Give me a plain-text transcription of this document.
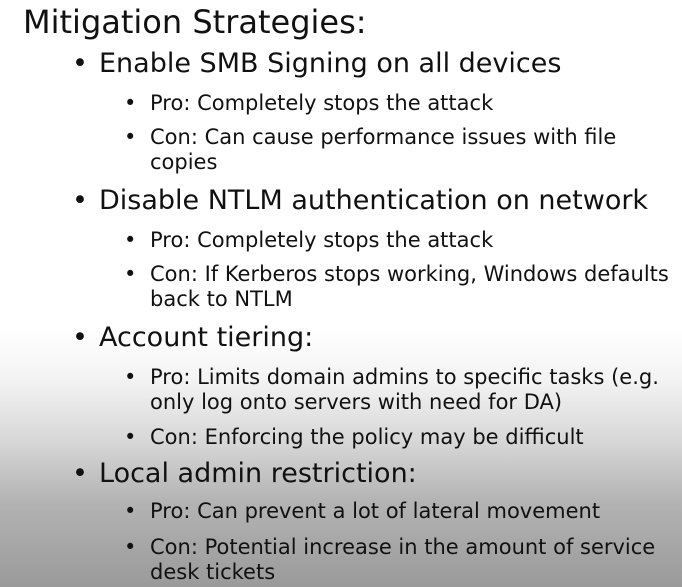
Mitigation Strategies:
• Enable SMB Signing on all devices
• Pro: Completely stops the attack
• Con: Can cause performance issues with file copies
• Disable NTLM authentication on network
• Pro: Completely stops the attack
• Con: If Kerberos stops working, Windows defaults back to NTLM
• Account tiering:
• Pro: Limits domain admins to specific tasks (e.g. only log onto servers with need for DA)
• Con: Enforcing the policy may be difficult
• Local admin restriction:
• Pro: Can prevent a lot of lateral movement
• Con: Potential increase in the amount of service desk tickets
